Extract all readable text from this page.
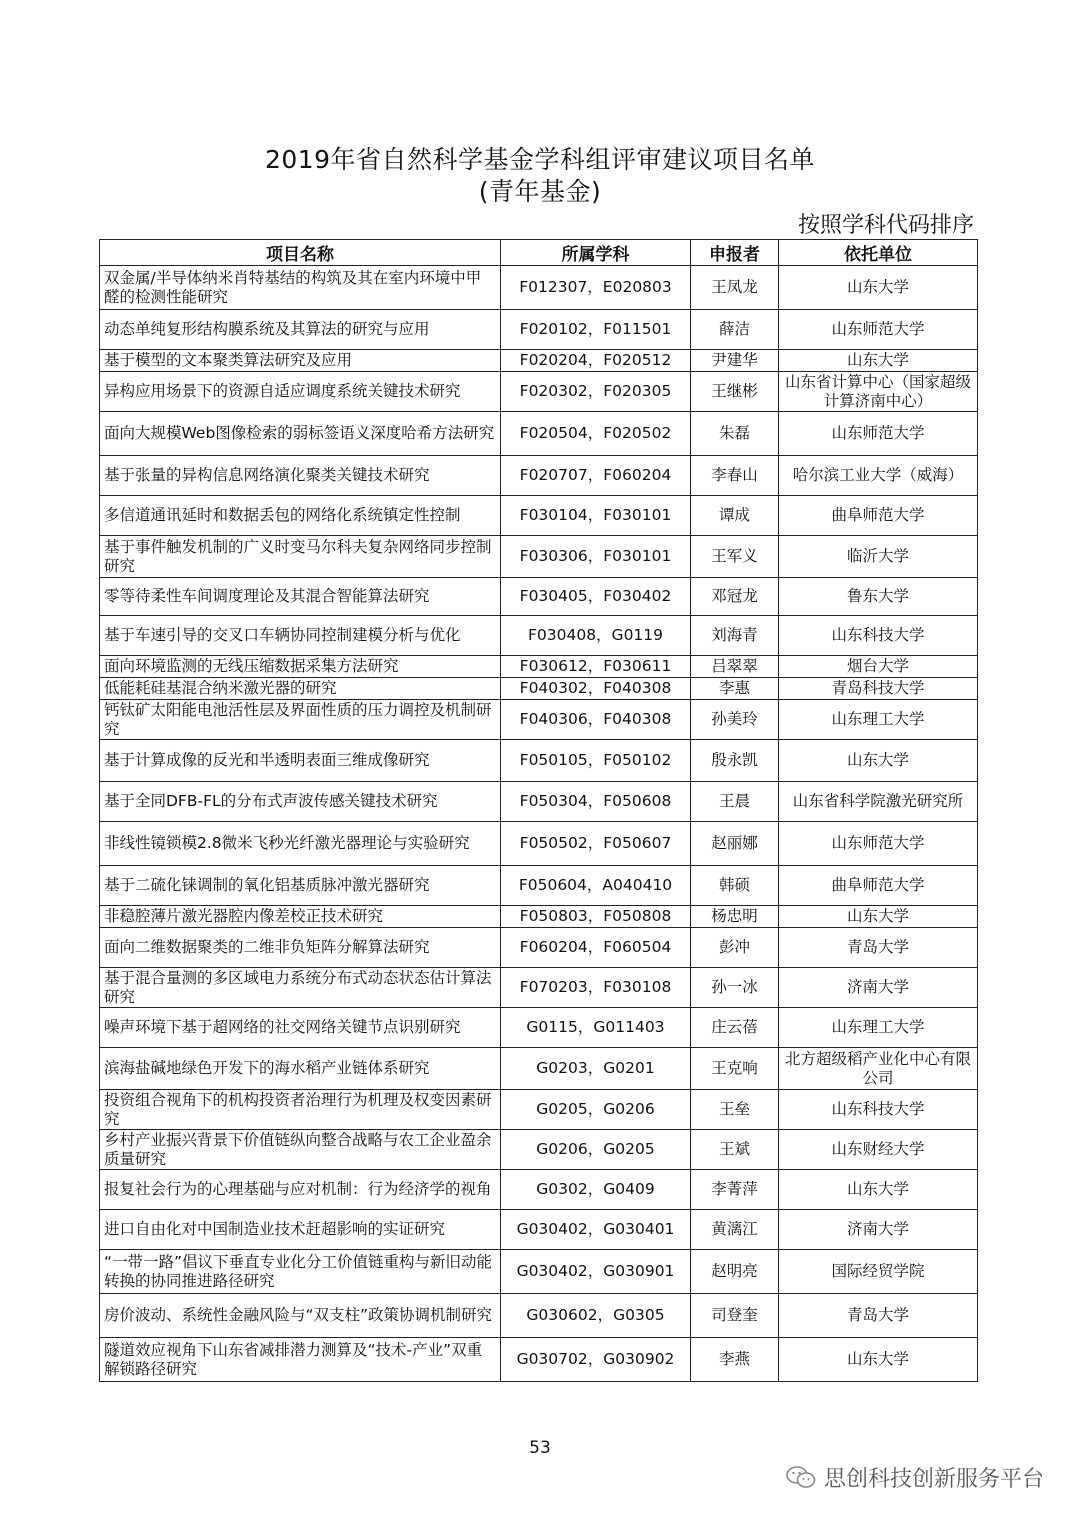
2019年省自然科学基金学科组评审建议项目名单
(青年基金)
按照学科代码排序
项目名称	所属学科	申报者	依托单位
双金属/半导体纳米肖特基结的构筑及其在室内环境中甲醛的检测性能研究	F012307，E020803	王凤龙	山东大学
动态单纯复形结构膜系统及其算法的研究与应用	F020102，F011501	薛洁	山东师范大学
基于模型的文本聚类算法研究及应用	F020204，F020512	尹建华	山东大学
异构应用场景下的资源自适应调度系统关键技术研究	F020302，F020305	王继彬	山东省计算中心（国家超级计算济南中心）
面向大规模Web图像检索的弱标签语义深度哈希方法研究	F020504，F020502	朱磊	山东师范大学
基于张量的异构信息网络演化聚类关键技术研究	F020707，F060204	李春山	哈尔滨工业大学（威海）
多信道通讯延时和数据丢包的网络化系统镇定性控制	F030104，F030101	谭成	曲阜师范大学
基于事件触发机制的广义时变马尔科夫复杂网络同步控制研究	F030306，F030101	王军义	临沂大学
零等待柔性车间调度理论及其混合智能算法研究	F030405，F030402	邓冠龙	鲁东大学
基于车速引导的交叉口车辆协同控制建模分析与优化	F030408，G0119	刘海青	山东科技大学
面向环境监测的无线压缩数据采集方法研究	F030612，F030611	吕翠翠	烟台大学
低能耗硅基混合纳米激光器的研究	F040302，F040308	李惠	青岛科技大学
钙钛矿太阳能电池活性层及界面性质的压力调控及机制研究	F040306，F040308	孙美玲	山东理工大学
基于计算成像的反光和半透明表面三维成像研究	F050105，F050102	殷永凯	山东大学
基于全同DFB-FL的分布式声波传感关键技术研究	F050304，F050608	王晨	山东省科学院激光研究所
非线性镜锁模2.8微米飞秒光纤激光器理论与实验研究	F050502，F050607	赵丽娜	山东师范大学
基于二硫化铼调制的氧化铝基质脉冲激光器研究	F050604，A040410	韩硕	曲阜师范大学
非稳腔薄片激光器腔内像差校正技术研究	F050803，F050808	杨忠明	山东大学
面向二维数据聚类的二维非负矩阵分解算法研究	F060204，F060504	彭冲	青岛大学
基于混合量测的多区域电力系统分布式动态状态估计算法研究	F070203，F030108	孙一冰	济南大学
噪声环境下基于超网络的社交网络关键节点识别研究	G0115，G011403	庄云蓓	山东理工大学
滨海盐碱地绿色开发下的海水稻产业链体系研究	G0203，G0201	王克响	北方超级稻产业化中心有限公司
投资组合视角下的机构投资者治理行为机理及权变因素研究	G0205，G0206	王垒	山东科技大学
乡村产业振兴背景下价值链纵向整合战略与农工企业盈余质量研究	G0206，G0205	王斌	山东财经大学
报复社会行为的心理基础与应对机制：行为经济学的视角	G0302，G0409	李菁萍	山东大学
进口自由化对中国制造业技术赶超影响的实证研究	G030402，G030401	黄漓江	济南大学
“一带一路”倡议下垂直专业化分工价值链重构与新旧动能转换的协同推进路径研究	G030402，G030901	赵明亮	国际经贸学院
房价波动、系统性金融风险与“双支柱”政策协调机制研究	G030602，G0305	司登奎	青岛大学
隧道效应视角下山东省减排潜力测算及“技术-产业”双重解锁路径研究	G030702，G030902	李燕	山东大学
53
思创科技创新服务平台
